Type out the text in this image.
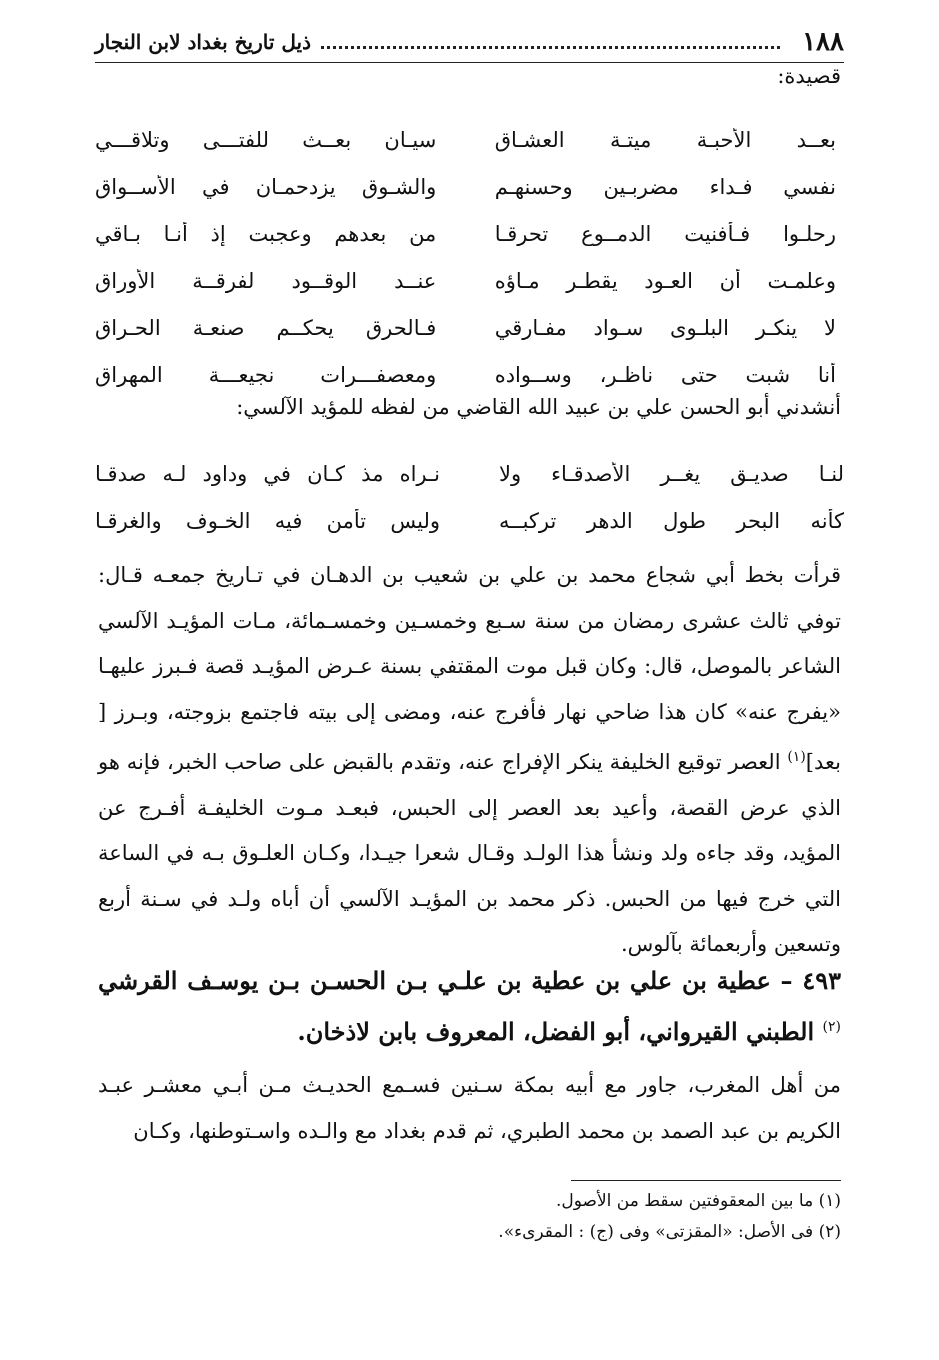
١٨٨
ذيل تاريخ بغداد لابن النجار
قصيدة:
بعــد الأحبـة ميتـة العشـاق
سيـان بعــث للفتـــى وتلاقـــي
نفسي فـداء مضربـين وحسنهـم
والشـوق يزدحمـان في الأســواق
رحلـوا فـأفنيت الدمــوع تحرقـا
من بعدهم وعجبت إذ أنـا بـاقي
وعلمـت أن العـود يقطـر مـاؤه
عنــد الوقــود لفرقــة الأوراق
لا ينكـر البلـوى سـواد مفـارقي
فـالحرق يحكــم صنعـة الحـراق
أنا شبت حتى ناظـر، وســواده
ومعصفـــرات نجيعـــة المهراق
أنشدني أبو الحسن علي بن عبيد الله القاضي من لفظه للمؤيد الآلسي:
لنـا صديـق يغــر الأصدقـاء ولا
نـراه مذ كـان في وداود لـه صدقـا
كأنه البحر طول الدهر تركبــه
وليس تأمن فيه الخـوف والغرقـا

قرأت بخط أبي شجاع محمد بن علي بن شعيب بن الدهـان في تـاريخ جمعـه قـال: توفي ثالث عشرى رمضان من سنة سـبع وخمسـين وخمسـمائة، مـات المؤيـد الآلسي الشاعر بالموصل، قال: وكان قبل موت المقتفي بسنة عـرض المؤيـد قصة فـبرز عليهـا «يفرج عنه» كان هذا ضاحي نهار فأفرج عنه، ومضى إلى بيته فاجتمع بزوجته، وبـرز [ بعد]$^{(١)}$ العصر توقيع الخليفة ينكر الإفراج عنه، وتقدم بالقبض على صاحب الخبر، فإنه هو الذي عرض القصة، وأعيد بعد العصر إلى الحبس، فبعـد مـوت الخليفـة أفـرج عن المؤيد، وقد جاءه ولد ونشأ هذا الولـد وقـال شعرا جيـدا، وكـان العلـوق بـه في الساعة التي خرج فيها من الحبس. ذكر محمد بن المؤيـد الآلسي أن أباه ولـد في سـنة أربع وتسعين وأربعمائة بآلوس.

٤٩٣ – عطية بن علي بن عطية بن علـي بـن الحسـن بـن يوسـف القرشي $^{(٢)}$ الطبني القيرواني، أبو الفضل، المعروف بابن لاذخان.

من أهل المغرب، جاور مع أبيه بمكة سـنين فسـمع الحديـث مـن أبـي معشـر عبـد الكريم بن عبد الصمد بن محمد الطبري، ثم قدم بغداد مع والـده واسـتوطنها، وكـان

(١) ما بين المعقوفتين سقط من الأصول.

(٢) فى الأصل: «المقزتى» وفى (ج) : المقرىء».
